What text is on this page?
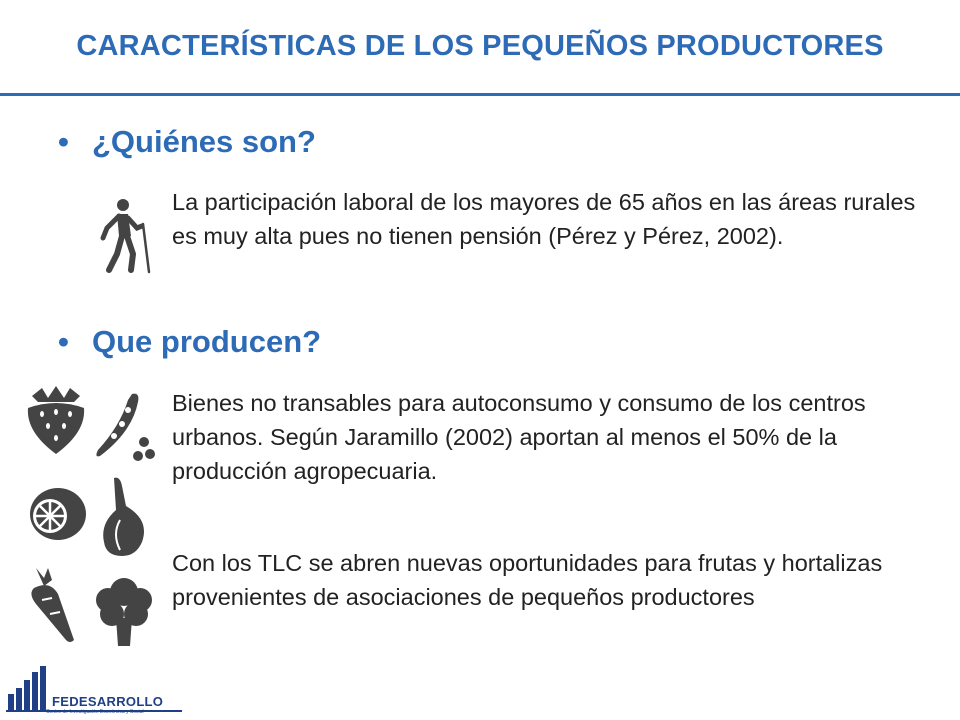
CARACTERÍSTICAS DE LOS PEQUEÑOS PRODUCTORES
• ¿Quiénes son?
La participación laboral de los mayores de 65 años en las áreas rurales es muy alta pues no tienen pensión (Pérez y Pérez, 2002).
• Que producen?
Bienes no transables para autoconsumo y consumo de los centros urbanos. Según Jaramillo (2002) aportan al menos el 50% de la producción agropecuaria.
Con los TLC se abren nuevas oportunidades para frutas y hortalizas provenientes de asociaciones de pequeños productores
FEDESARROLLO
Centro de Investigación Económica y Social
